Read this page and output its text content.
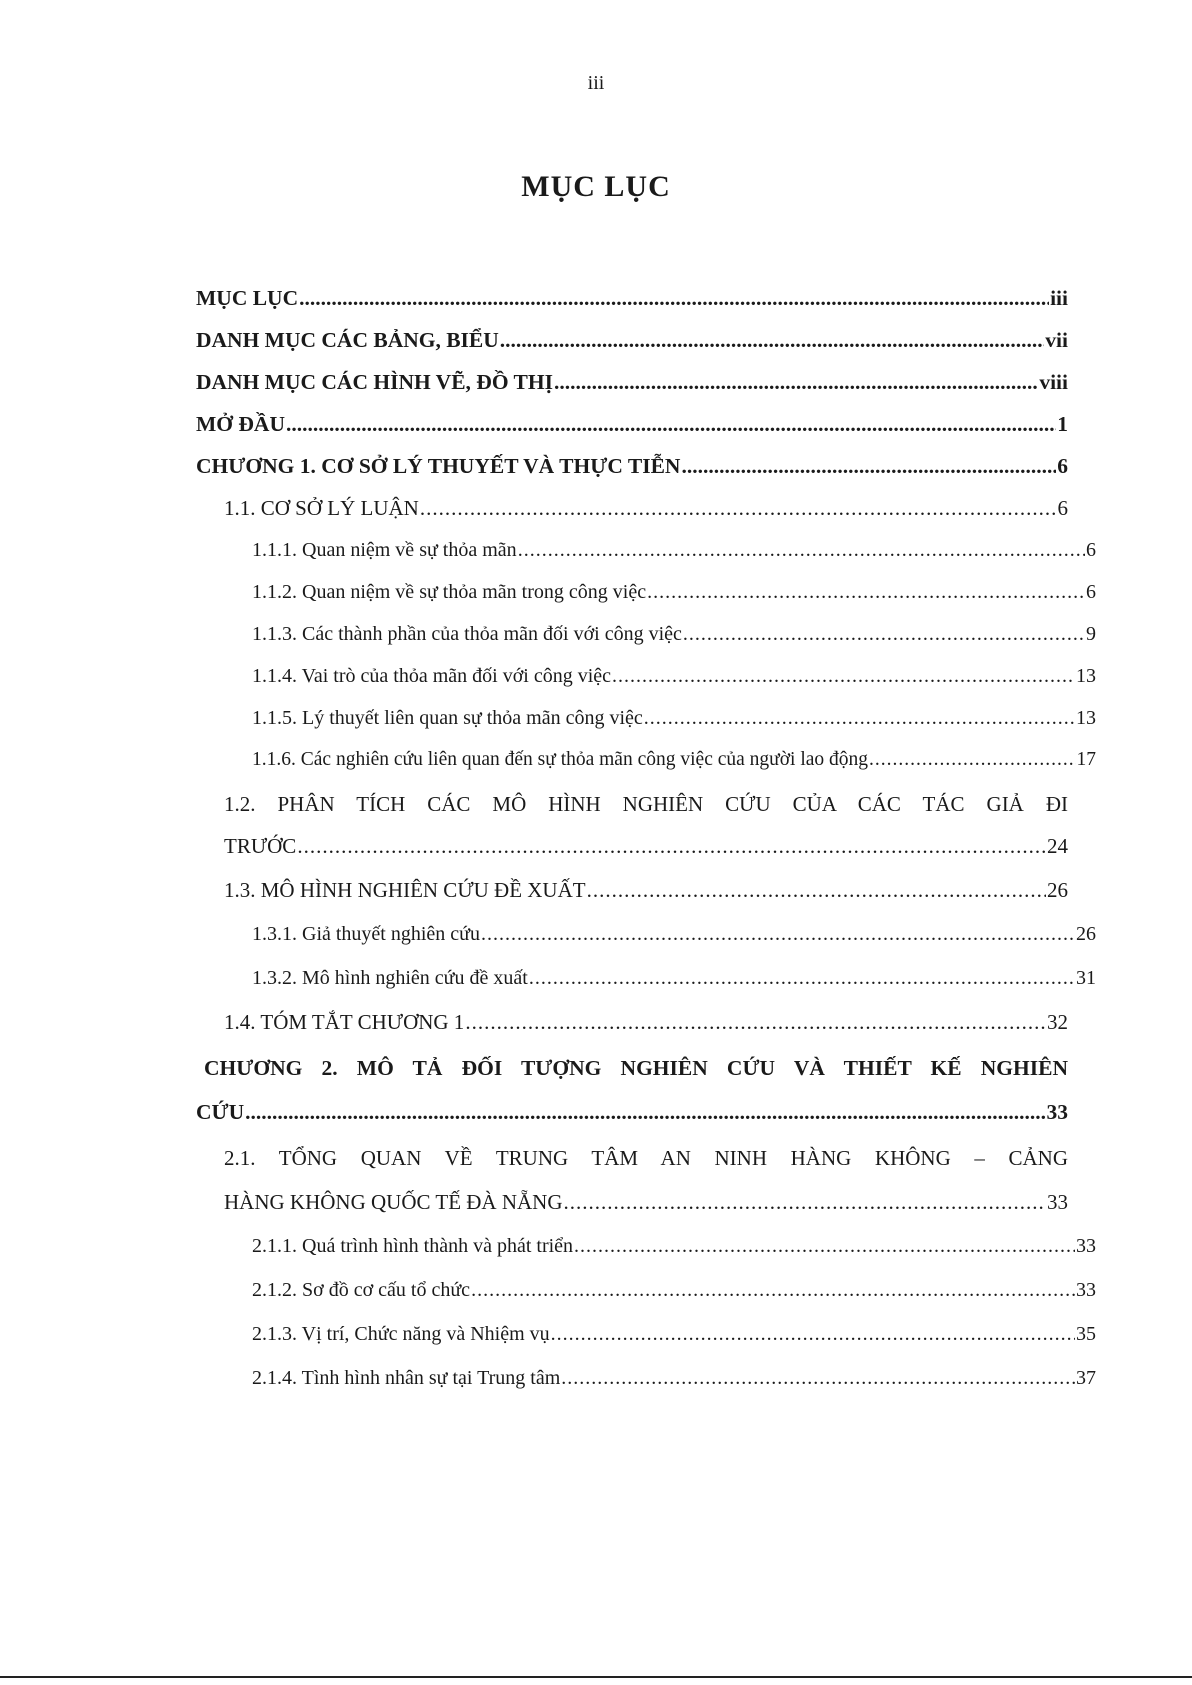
iii
MỤC LỤC
MỤC LỤC .....	iii
DANH MỤC CÁC BẢNG, BIỂU .....	vii
DANH MỤC CÁC HÌNH VẼ, ĐỒ THỊ .....	viii
MỞ ĐẦU .....	1
CHƯƠNG 1. CƠ SỞ LÝ THUYẾT VÀ THỰC TIỄN .....	6
1.1. CƠ SỞ LÝ LUẬN .....	6
1.1.1. Quan niệm về sự thỏa mãn .....	6
1.1.2. Quan niệm về sự thỏa mãn trong công việc .....	6
1.1.3. Các thành phần của thỏa mãn đối với công việc .....	9
1.1.4. Vai trò của thỏa mãn đối với công việc .....	13
1.1.5. Lý thuyết liên quan sự thỏa mãn công việc .....	13
1.1.6. Các nghiên cứu liên quan đến sự thỏa mãn công việc của người lao động .....	17
1.2. PHÂN TÍCH CÁC MÔ HÌNH NGHIÊN CỨU CỦA CÁC TÁC GIẢ ĐI
TRƯỚC .....	24
1.3. MÔ HÌNH NGHIÊN CỨU ĐỀ XUẤT .....	26
1.3.1. Giả thuyết nghiên cứu .....	26
1.3.2. Mô hình nghiên cứu đề xuất .....	31
1.4. TÓM TẮT CHƯƠNG 1 .....	32
CHƯƠNG 2. MÔ TẢ ĐỐI TƯỢNG NGHIÊN CỨU VÀ THIẾT KẾ NGHIÊN
CỨU .....	33
2.1. TỔNG QUAN VỀ TRUNG TÂM AN NINH HÀNG KHÔNG – CẢNG
HÀNG KHÔNG QUỐC TẾ ĐÀ NẴNG .....	33
2.1.1. Quá trình hình thành và phát triển .....	33
2.1.2. Sơ đồ cơ cấu tổ chức .....	33
2.1.3. Vị trí, Chức năng và Nhiệm vụ .....	35
2.1.4. Tình hình nhân sự tại Trung tâm .....	37
